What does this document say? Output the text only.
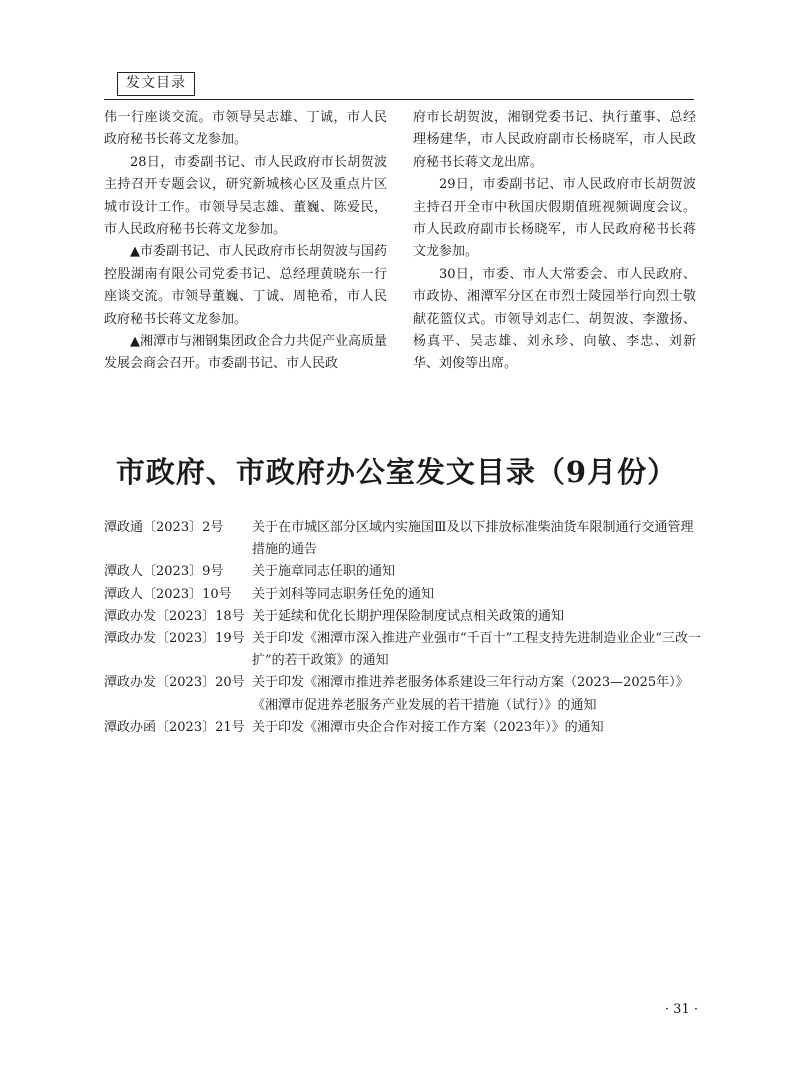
发文目录

伟一行座谈交流。市领导吴志雄、丁诚，市人民政府秘书长蒋文龙参加。

28日，市委副书记、市人民政府市长胡贺波主持召开专题会议，研究新城核心区及重点片区城市设计工作。市领导吴志雄、董巍、陈爱民，市人民政府秘书长蒋文龙参加。

▲市委副书记、市人民政府市长胡贺波与国药控股湖南有限公司党委书记、总经理黄晓东一行座谈交流。市领导董巍、丁诚、周艳希，市人民政府秘书长蒋文龙参加。

▲湘潭市与湘钢集团政企合力共促产业高质量发展会商会召开。市委副书记、市人民政

府市长胡贺波，湘钢党委书记、执行董事、总经理杨建华，市人民政府副市长杨晓军，市人民政府秘书长蒋文龙出席。

29日，市委副书记、市人民政府市长胡贺波主持召开全市中秋国庆假期值班视频调度会议。市人民政府副市长杨晓军，市人民政府秘书长蒋文龙参加。

30日，市委、市人大常委会、市人民政府、市政协、湘潭军分区在市烈士陵园举行向烈士敬献花篮仪式。市领导刘志仁、胡贺波、李激扬、杨真平、吴志雄、刘永珍、向敏、李忠、刘新华、刘俊等出席。

市政府、市政府办公室发文目录（9月份）
潭政通〔2023〕2号	关于在市城区部分区域内实施国Ⅲ及以下排放标准柴油货车限制通行交通管理措施的通告
潭政人〔2023〕9号	关于施章同志任职的通知
潭政人〔2023〕10号	关于刘科等同志职务任免的通知
潭政办发〔2023〕18号 关于延续和优化长期护理保险制度试点相关政策的通知
潭政办发〔2023〕19号 关于印发《湘潭市深入推进产业强市“千百十”工程支持先进制造业企业“三改一扩”的若干政策》的通知
潭政办发〔2023〕20号 关于印发《湘潭市推进养老服务体系建设三年行动方案（2023—2025年）》《湘潭市促进养老服务产业发展的若干措施（试行）》的通知
潭政办函〔2023〕21号 关于印发《湘潭市央企合作对接工作方案（2023年）》的通知
· 31 ·
